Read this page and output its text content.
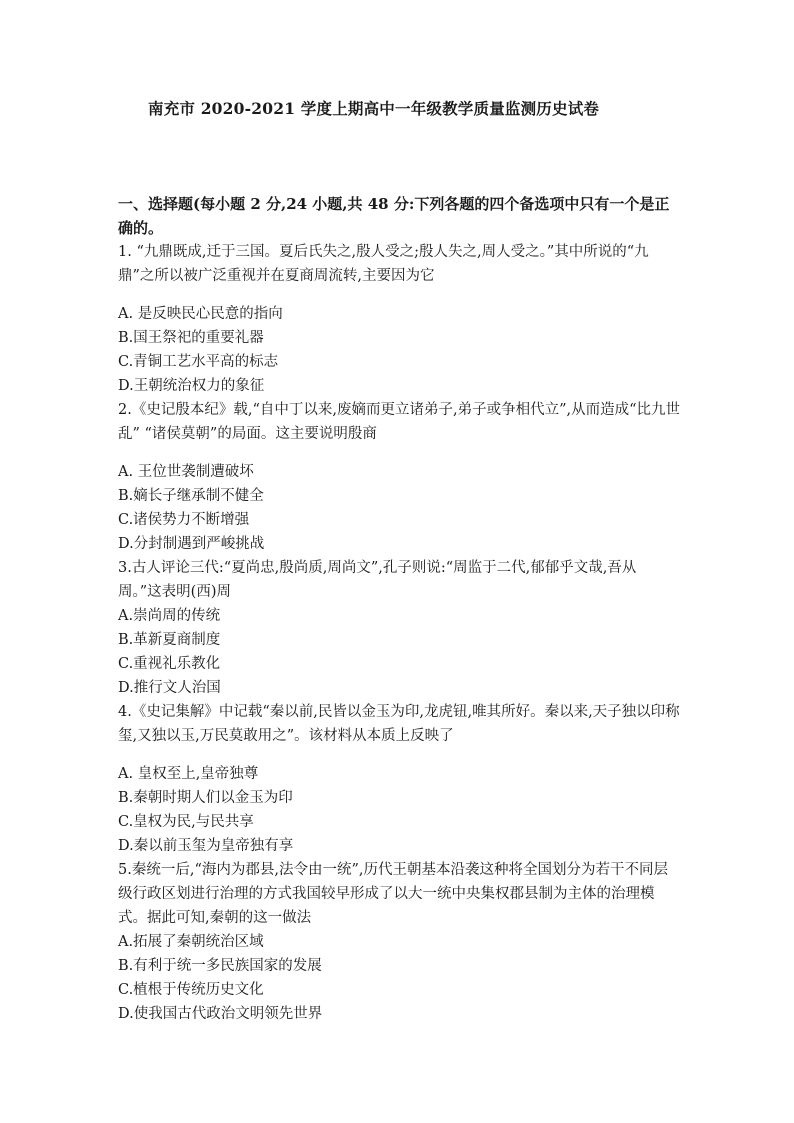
南充市 2020-2021 学度上期高中一年级教学质量监测历史试卷
一、选择题(每小题 2 分,24 小题,共 48 分:下列各题的四个备选项中只有一个是正确的。
1. “九鼎既成,迁于三国。夏后氏失之,殷人受之;殷人失之,周人受之。”其中所说的“九鼎”之所以被广泛重视并在夏商周流转,主要因为它
A. 是反映民心民意的指向
B.国王祭祀的重要礼器
C.青铜工艺水平高的标志
D.王朝统治权力的象征
2.《史记殷本纪》载,“自中丁以来,废嫡而更立诸弟子,弟子或争相代立”,从而造成“比九世乱” “诸侯莫朝”的局面。这主要说明殷商
A. 王位世袭制遭破坏
B.嫡长子继承制不健全
C.诸侯势力不断增强
D.分封制遇到严峻挑战
3.古人评论三代:“夏尚忠,殷尚质,周尚文”,孔子则说:“周监于二代,郁郁乎文哉,吾从周。”这表明(西)周
A.崇尚周的传统
B.革新夏商制度
C.重视礼乐教化
D.推行文人治国
4.《史记集解》中记载“秦以前,民皆以金玉为印,龙虎钮,唯其所好。秦以来,天子独以印称玺,又独以玉,万民莫敢用之”。该材料从本质上反映了
A. 皇权至上,皇帝独尊
B.秦朝时期人们以金玉为印
C.皇权为民,与民共享
D.秦以前玉玺为皇帝独有享
5.秦统一后,“海内为郡县,法令由一统”,历代王朝基本沿袭这种将全国划分为若干不同层级行政区划进行治理的方式我国较早形成了以大一统中央集权郡县制为主体的治理模式。据此可知,秦朝的这一做法
A.拓展了秦朝统治区域
B.有利于统一多民族国家的发展
C.植根于传统历史文化
D.使我国古代政治文明领先世界
